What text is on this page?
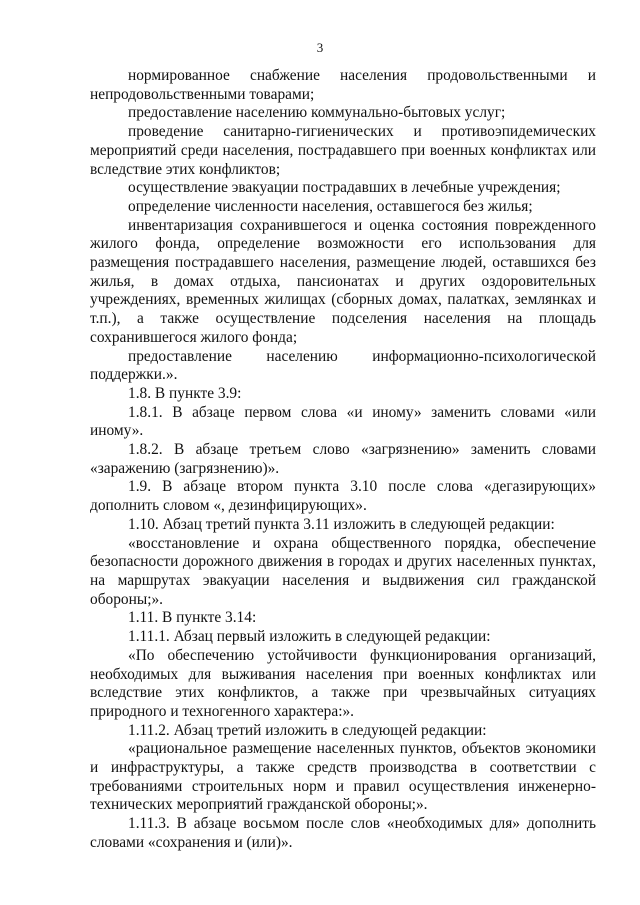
3

нормированное снабжение населения продовольственными и непродовольственными товарами;

предоставление населению коммунально-бытовых услуг;

проведение санитарно-гигиенических и противоэпидемических мероприятий среди населения, пострадавшего при военных конфликтах или вследствие этих конфликтов;

осуществление эвакуации пострадавших в лечебные учреждения;

определение численности населения, оставшегося без жилья;

инвентаризация сохранившегося и оценка состояния поврежденного жилого фонда, определение возможности его использования для размещения пострадавшего населения, размещение людей, оставшихся без жилья, в домах отдыха, пансионатах и других оздоровительных учреждениях, временных жилищах (сборных домах, палатках, землянках и т.п.), а также осуществление подселения населения на площадь сохранившегося жилого фонда;

предоставление населению информационно-психологической поддержки.».

1.8. В пункте 3.9:

1.8.1. В абзаце первом слова «и иному» заменить словами «или иному».

1.8.2. В абзаце третьем слово «загрязнению» заменить словами «заражению (загрязнению)».

1.9. В абзаце втором пункта 3.10 после слова «дегазирующих» дополнить словом «, дезинфицирующих».

1.10. Абзац третий пункта 3.11 изложить в следующей редакции:

«восстановление и охрана общественного порядка, обеспечение безопасности дорожного движения в городах и других населенных пунктах, на маршрутах эвакуации населения и выдвижения сил гражданской обороны;».

1.11. В пункте 3.14:

1.11.1. Абзац первый изложить в следующей редакции:

«По обеспечению устойчивости функционирования организаций, необходимых для выживания населения при военных конфликтах или вследствие этих конфликтов, а также при чрезвычайных ситуациях природного и техногенного характера:».

1.11.2. Абзац третий изложить в следующей редакции:

«рациональное размещение населенных пунктов, объектов экономики и инфраструктуры, а также средств производства в соответствии с требованиями строительных норм и правил осуществления инженерно-технических мероприятий гражданской обороны;».

1.11.3. В абзаце восьмом после слов «необходимых для» дополнить словами «сохранения и (или)».
